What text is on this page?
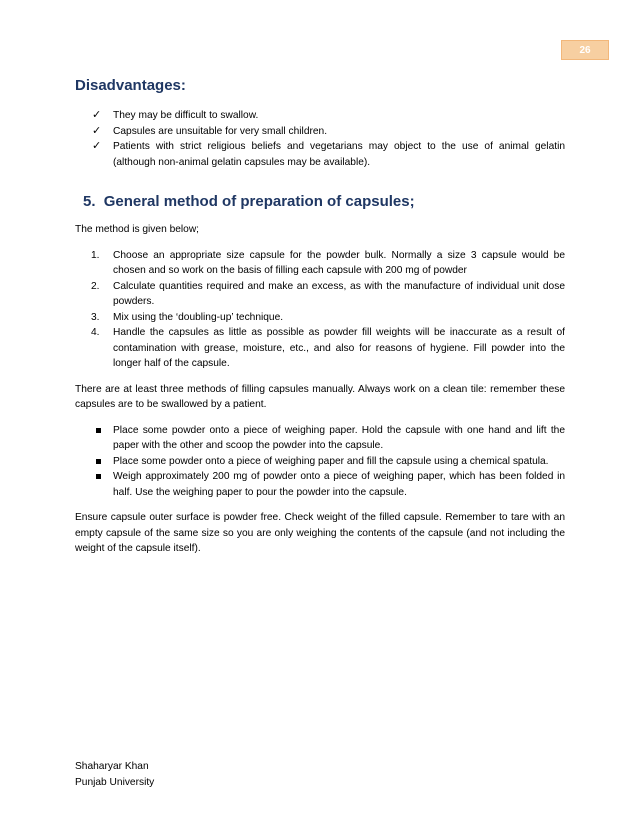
26
Disadvantages:
✓	They may be difficult to swallow.
✓	Capsules are unsuitable for very small children.
✓	Patients with strict religious beliefs and vegetarians may object to the use of animal gelatin (although non-animal gelatin capsules may be available).
5. General method of preparation of capsules;

The method is given below;

1.	Choose an appropriate size capsule for the powder bulk. Normally a size 3 capsule would be chosen and so work on the basis of filling each capsule with 200 mg of powder
2.	Calculate quantities required and make an excess, as with the manufacture of individual unit dose powders.
3.	Mix using the ‘doubling-up’ technique.
4.	Handle the capsules as little as possible as powder fill weights will be inaccurate as a result of contamination with grease, moisture, etc., and also for reasons of hygiene. Fill powder into the longer half of the capsule.

There are at least three methods of filling capsules manually. Always work on a clean tile: remember these capsules are to be swallowed by a patient.

Place some powder onto a piece of weighing paper. Hold the capsule with one hand and lift the paper with the other and scoop the powder into the capsule.
Place some powder onto a piece of weighing paper and fill the capsule using a chemical spatula.
Weigh approximately 200 mg of powder onto a piece of weighing paper, which has been folded in half. Use the weighing paper to pour the powder into the capsule.

Ensure capsule outer surface is powder free. Check weight of the filled capsule. Remember to tare with an empty capsule of the same size so you are only weighing the contents of the capsule (and not including the weight of the capsule itself).

Shaharyar Khan
Punjab University
